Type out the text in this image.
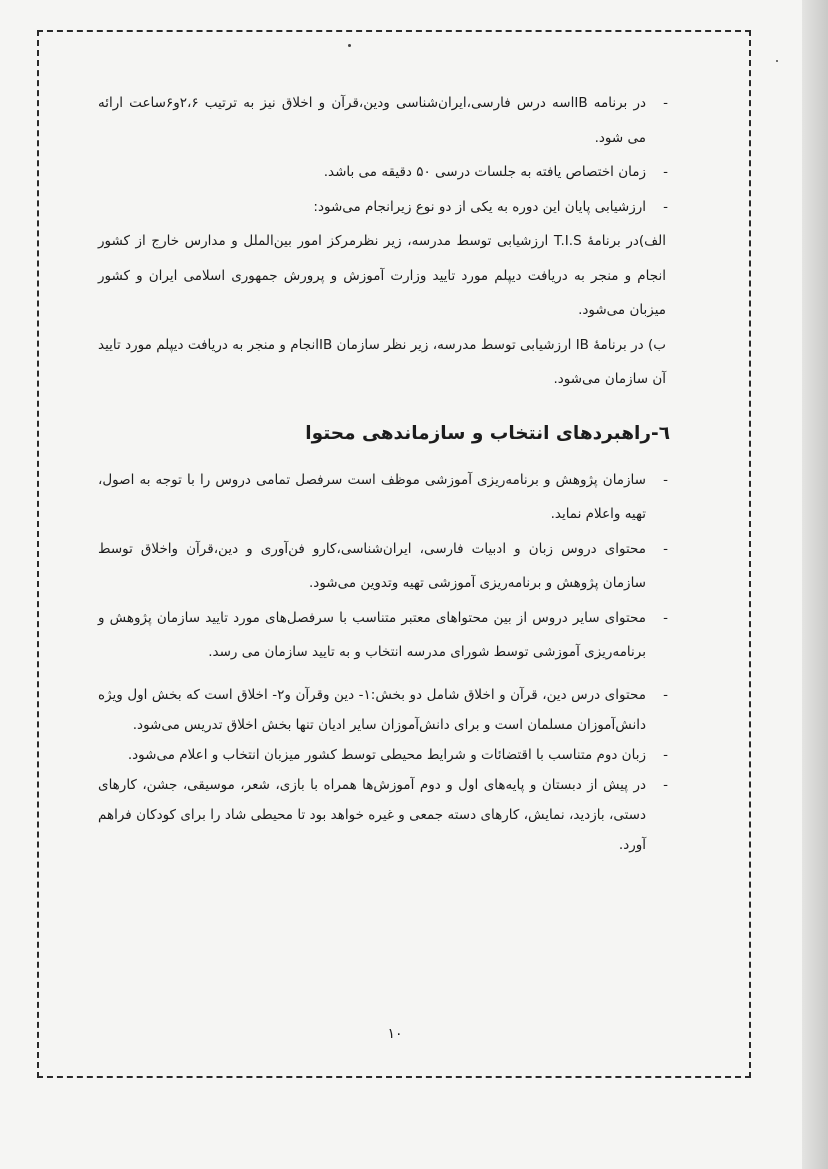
- در برنامه IBاسه درس فارسی،ایران‌شناسی ودین،قرآن و اخلاق نیز به ترتیب ۲،۶و۶ساعت ارائه می شود.
- زمان اختصاص یافته به جلسات درسی ۵۰ دقیقه می باشد.
- ارزشیابی پایان این دوره به یکی از دو نوع زیرانجام می‌شود:
الف)در برنامهٔ T.I.S ارزشیابی توسط مدرسه، زیر نظرمرکز امور بین‌الملل و مدارس خارج از کشور انجام و منجر به دریافت دیپلم مورد تایید وزارت آموزش و پرورش جمهوری اسلامی ایران و کشور میزبان می‌شود.
ب) در برنامهٔ IB ارزشیابی توسط مدرسه، زیر نظر سازمان IBانجام و منجر به دریافت دیپلم مورد تایید آن سازمان می‌شود.
٦-راهبردهای انتخاب و سازماندهی محتوا
- سازمان پژوهش و برنامه‌ریزی آموزشی موظف است سرفصل تمامی دروس را با توجه به اصول، تهیه واعلام نماید.
- محتوای دروس زبان و ادبیات فارسی، ایران‌شناسی،کارو فن‌آوری و دین،قرآن واخلاق توسط سازمان پژوهش و برنامه‌ریزی آموزشی تهیه وتدوین می‌شود.
- محتوای سایر دروس از بین محتواهای معتبر متناسب با سرفصل‌های مورد تایید سازمان پژوهش و برنامه‌ریزی آموزشی توسط شورای مدرسه انتخاب و به تایید سازمان می رسد.
- محتوای درس دین، قرآن و اخلاق شامل دو بخش:۱- دین وقرآن و۲- اخلاق است که بخش اول ویژه دانش‌آموزان مسلمان است و برای دانش‌آموزان سایر ادیان تنها بخش اخلاق تدریس می‌شود.
- زبان دوم متناسب با اقتضائات و شرایط محیطی توسط کشور میزبان انتخاب و اعلام می‌شود.
- در پیش از دبستان و پایه‌های اول و دوم آموزش‌ها همراه با بازی، شعر، موسیقی، جشن، کارهای دستی، بازدید، نمایش، کارهای دسته جمعی و غیره خواهد بود تا محیطی شاد را برای کودکان فراهم آورد.
۱۰
